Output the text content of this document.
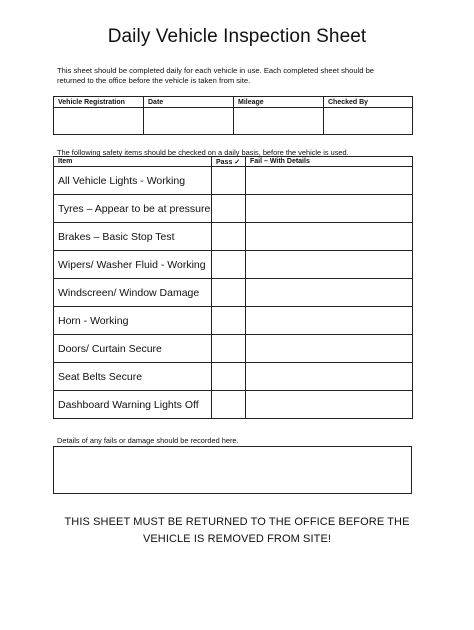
Daily Vehicle Inspection Sheet
This sheet should be completed daily for each vehicle in use. Each completed sheet should be
returned to the office before the vehicle is taken from site.
Vehicle Registration	Date	Mileage	Checked By

The following safety items should be checked on a daily basis, before the vehicle is used.
Item	Pass ✓	Fail – With Details
All Vehicle Lights - Working		
Tyres – Appear to be at pressure		
Brakes – Basic Stop Test		
Wipers/ Washer Fluid - Working		
Windscreen/ Window Damage		
Horn - Working		
Doors/ Curtain Secure		
Seat Belts Secure		
Dashboard Warning Lights Off		
Details of any fails or damage should be recorded here.
THIS SHEET MUST BE RETURNED TO THE OFFICE BEFORE THE
VEHICLE IS REMOVED FROM SITE!
